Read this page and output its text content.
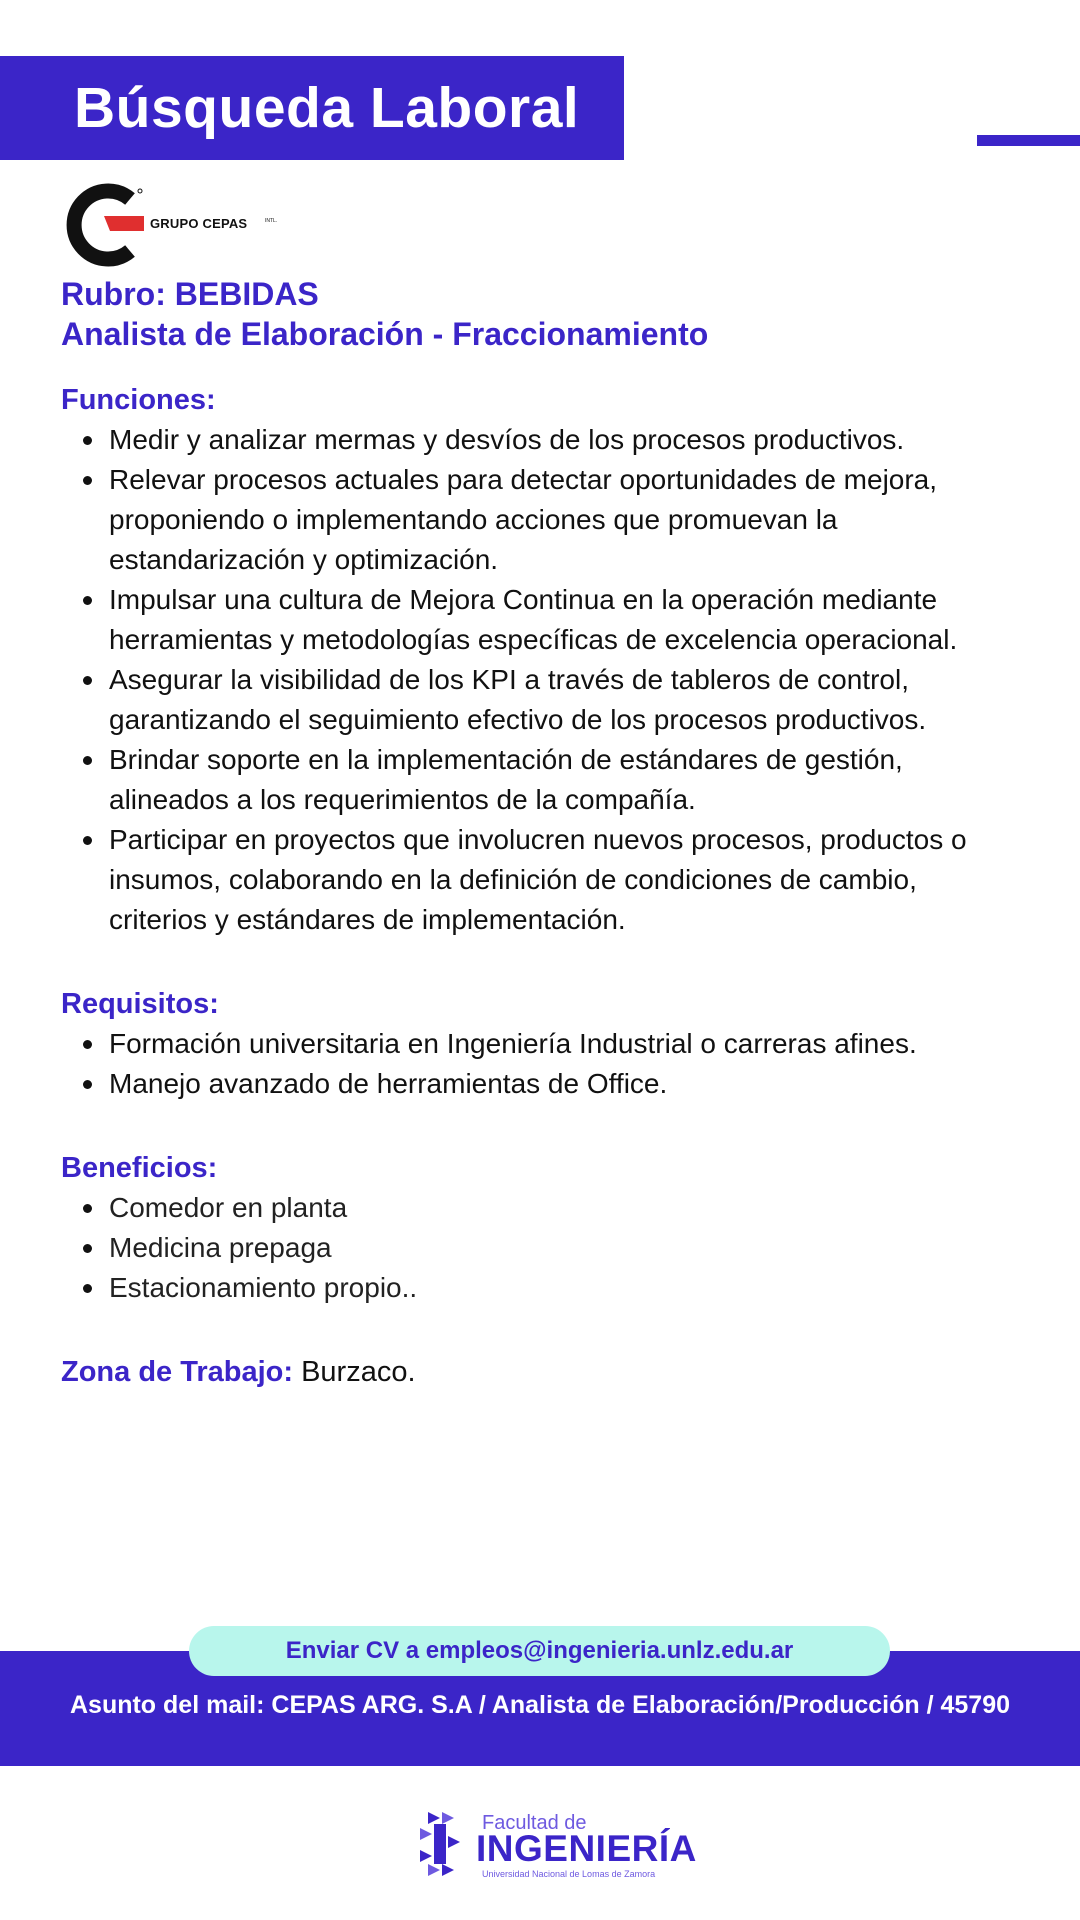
Búsqueda Laboral
GRUPO CEPAS	INTL.
Rubro: BEBIDAS
Analista de Elaboración - Fraccionamiento
Funciones:
Medir y analizar mermas y desvíos de los procesos productivos.
Relevar procesos actuales para detectar oportunidades de mejora, proponiendo o implementando acciones que promuevan la estandarización y optimización.
Impulsar una cultura de Mejora Continua en la operación mediante herramientas y metodologías específicas de excelencia operacional.
Asegurar la visibilidad de los KPI a través de tableros de control, garantizando el seguimiento efectivo de los procesos productivos.
Brindar soporte en la implementación de estándares de gestión, alineados a los requerimientos de la compañía.
Participar en proyectos que involucren nuevos procesos, productos o insumos, colaborando en la definición de condiciones de cambio, criterios y estándares de implementación.
Requisitos:
Formación universitaria en Ingeniería Industrial o carreras afines.
Manejo avanzado de herramientas de Office.
Beneficios:
Comedor en planta
Medicina prepaga
Estacionamiento propio..
Zona de Trabajo: Burzaco.
Enviar CV a empleos@ingenieria.unlz.edu.ar
Asunto del mail: CEPAS ARG. S.A / Analista de Elaboración/Producción / 45790
Facultad de
INGENIERÍA
Universidad Nacional de Lomas de Zamora
